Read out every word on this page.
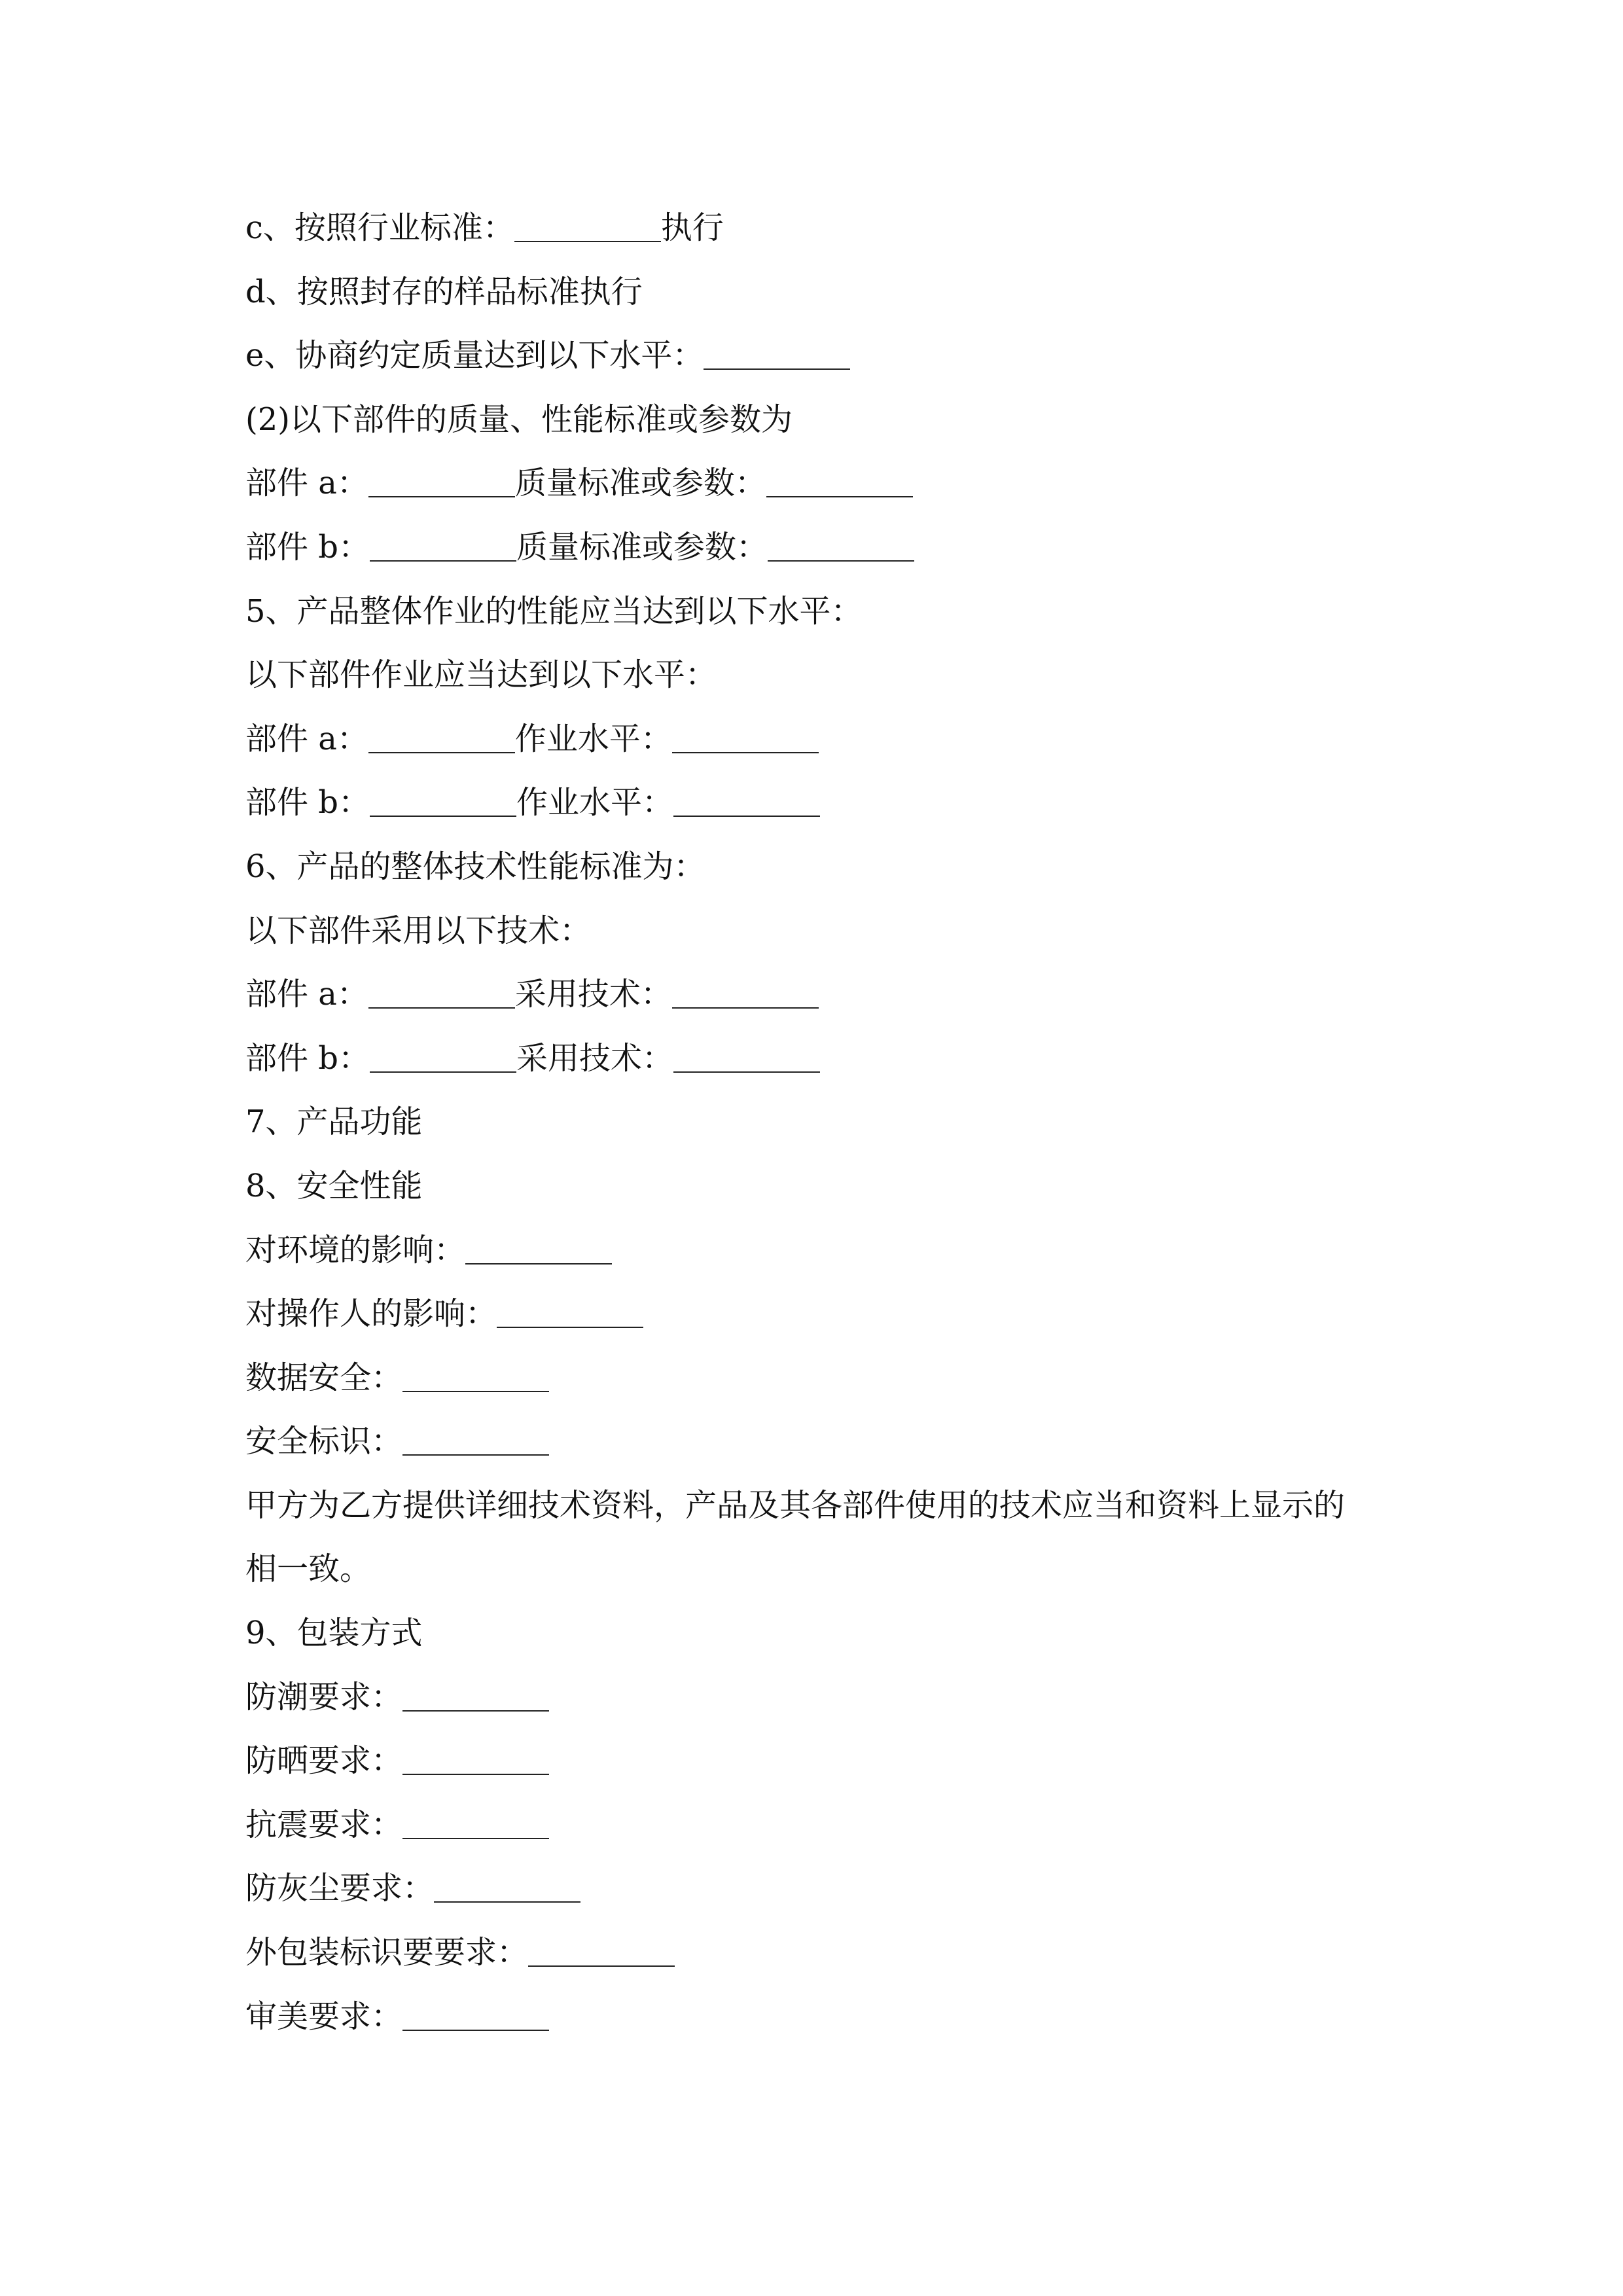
c、按照行业标准：	执行
d、按照封存的样品标准执行
e、协商约定质量达到以下水平：
(2)以下部件的质量、性能标准或参数为
部件 a：	质量标准或参数：
部件 b：	质量标准或参数：
5、产品整体作业的性能应当达到以下水平：
以下部件作业应当达到以下水平：
部件 a：	作业水平：
部件 b：	作业水平：
6、产品的整体技术性能标准为：
以下部件采用以下技术：
部件 a：	采用技术：
部件 b：	采用技术：
7、产品功能
8、安全性能
对环境的影响：
对操作人的影响：
数据安全：
安全标识：
甲方为乙方提供详细技术资料，产品及其各部件使用的技术应当和资料上显示的
相一致。
9、包装方式
防潮要求：
防晒要求：
抗震要求：
防灰尘要求：
外包装标识要要求：
审美要求：
